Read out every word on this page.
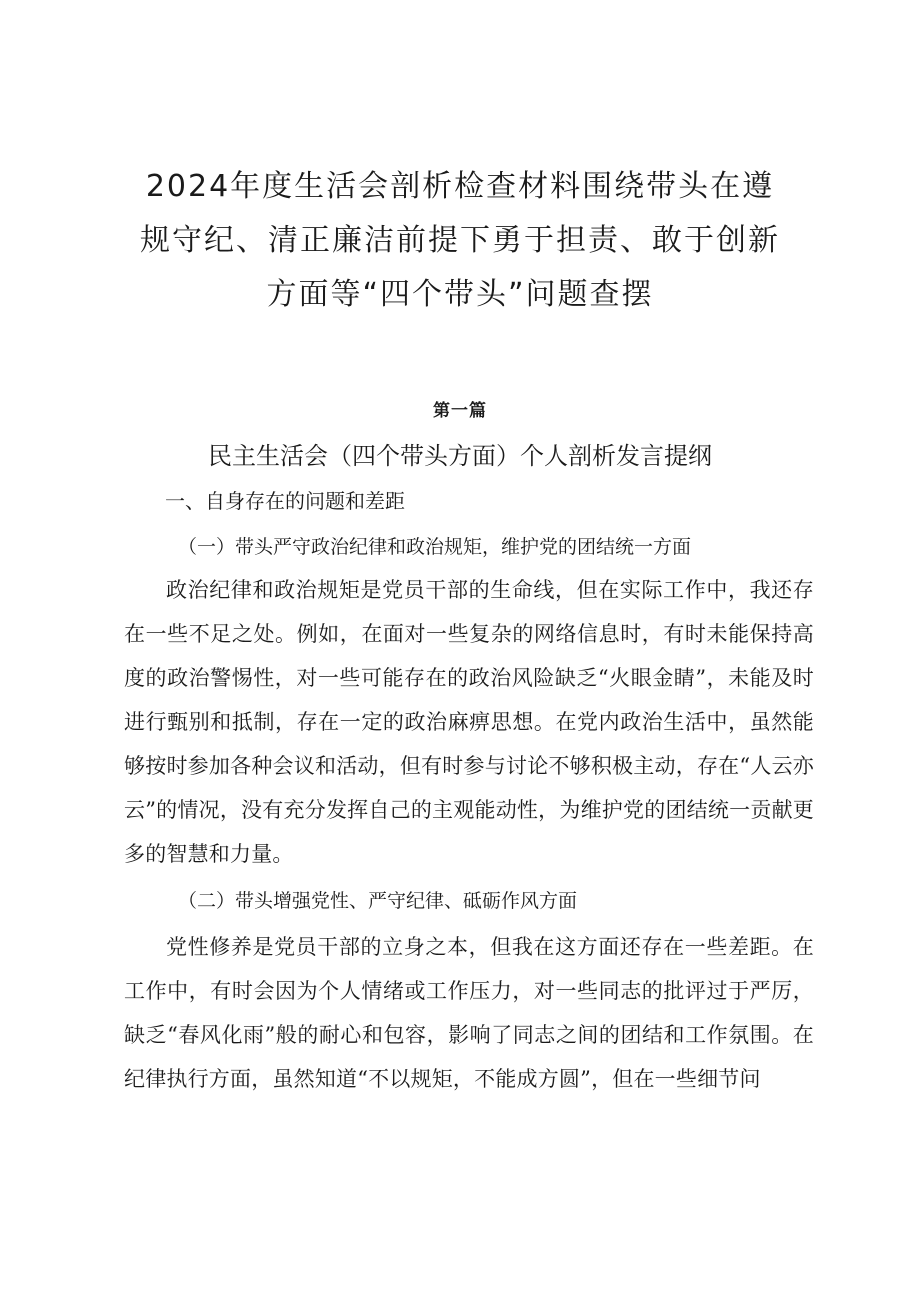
2024年度生活会剖析检查材料围绕带头在遵
规守纪、清正廉洁前提下勇于担责、敢于创新
方面等“四个带头”问题查摆
第一篇
民主生活会（四个带头方面）个人剖析发言提纲
一、自身存在的问题和差距
（一）带头严守政治纪律和政治规矩，维护党的团结统一方面

政治纪律和政治规矩是党员干部的生命线，但在实际工作中，我还存在一些不足之处。例如，在面对一些复杂的网络信息时，有时未能保持高度的政治警惕性，对一些可能存在的政治风险缺乏“火眼金睛”，未能及时进行甄别和抵制，存在一定的政治麻痹思想。在党内政治生活中，虽然能够按时参加各种会议和活动，但有时参与讨论不够积极主动，存在“人云亦云”的情况，没有充分发挥自己的主观能动性，为维护党的团结统一贡献更多的智慧和力量。

（二）带头增强党性、严守纪律、砥砺作风方面

党性修养是党员干部的立身之本，但我在这方面还存在一些差距。在工作中，有时会因为个人情绪或工作压力，对一些同志的批评过于严厉，缺乏“春风化雨”般的耐心和包容，影响了同志之间的团结和工作氛围。在纪律执行方面，虽然知道“不以规矩，不能成方圆”，但在一些细节问
